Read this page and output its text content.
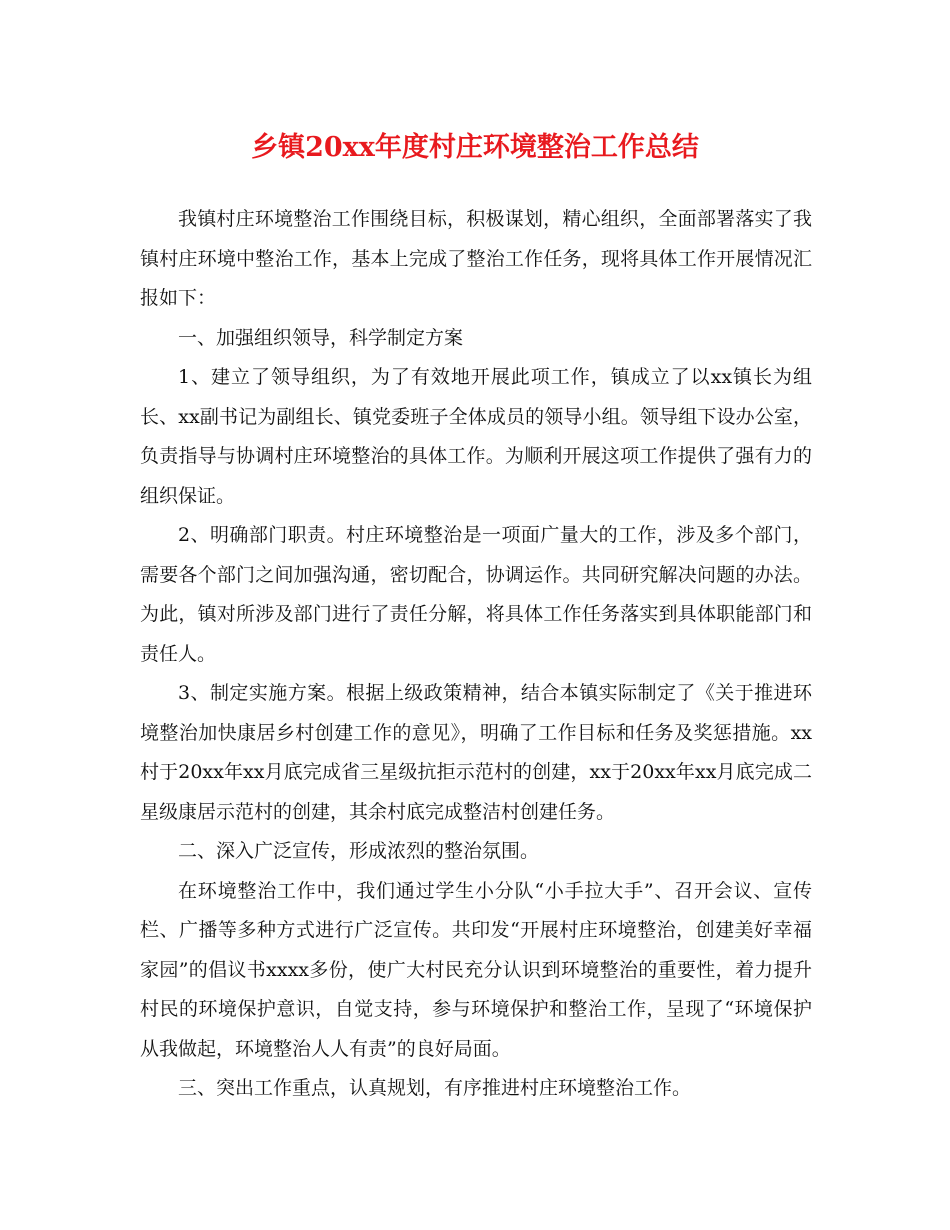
乡镇20xx年度村庄环境整治工作总结

我镇村庄环境整治工作围绕目标，积极谋划，精心组织，全面部署落实了我镇村庄环境中整治工作，基本上完成了整治工作任务，现将具体工作开展情况汇报如下：

一、加强组织领导，科学制定方案

1、建立了领导组织，为了有效地开展此项工作，镇成立了以xx镇长为组长、xx副书记为副组长、镇党委班子全体成员的领导小组。领导组下设办公室，负责指导与协调村庄环境整治的具体工作。为顺利开展这项工作提供了强有力的组织保证。

2、明确部门职责。村庄环境整治是一项面广量大的工作，涉及多个部门，需要各个部门之间加强沟通，密切配合，协调运作。共同研究解决问题的办法。为此，镇对所涉及部门进行了责任分解，将具体工作任务落实到具体职能部门和责任人。

3、制定实施方案。根据上级政策精神，结合本镇实际制定了《关于推进环境整治加快康居乡村创建工作的意见》，明确了工作目标和任务及奖惩措施。xx村于20xx年xx月底完成省三星级抗拒示范村的创建，xx于20xx年xx月底完成二星级康居示范村的创建，其余村底完成整洁村创建任务。

二、深入广泛宣传，形成浓烈的整治氛围。

在环境整治工作中，我们通过学生小分队“小手拉大手”、召开会议、宣传栏、广播等多种方式进行广泛宣传。共印发“开展村庄环境整治，创建美好幸福家园”的倡议书xxxx多份，使广大村民充分认识到环境整治的重要性，着力提升村民的环境保护意识，自觉支持，参与环境保护和整治工作，呈现了“环境保护从我做起，环境整治人人有责”的良好局面。

三、突出工作重点，认真规划，有序推进村庄环境整治工作。
